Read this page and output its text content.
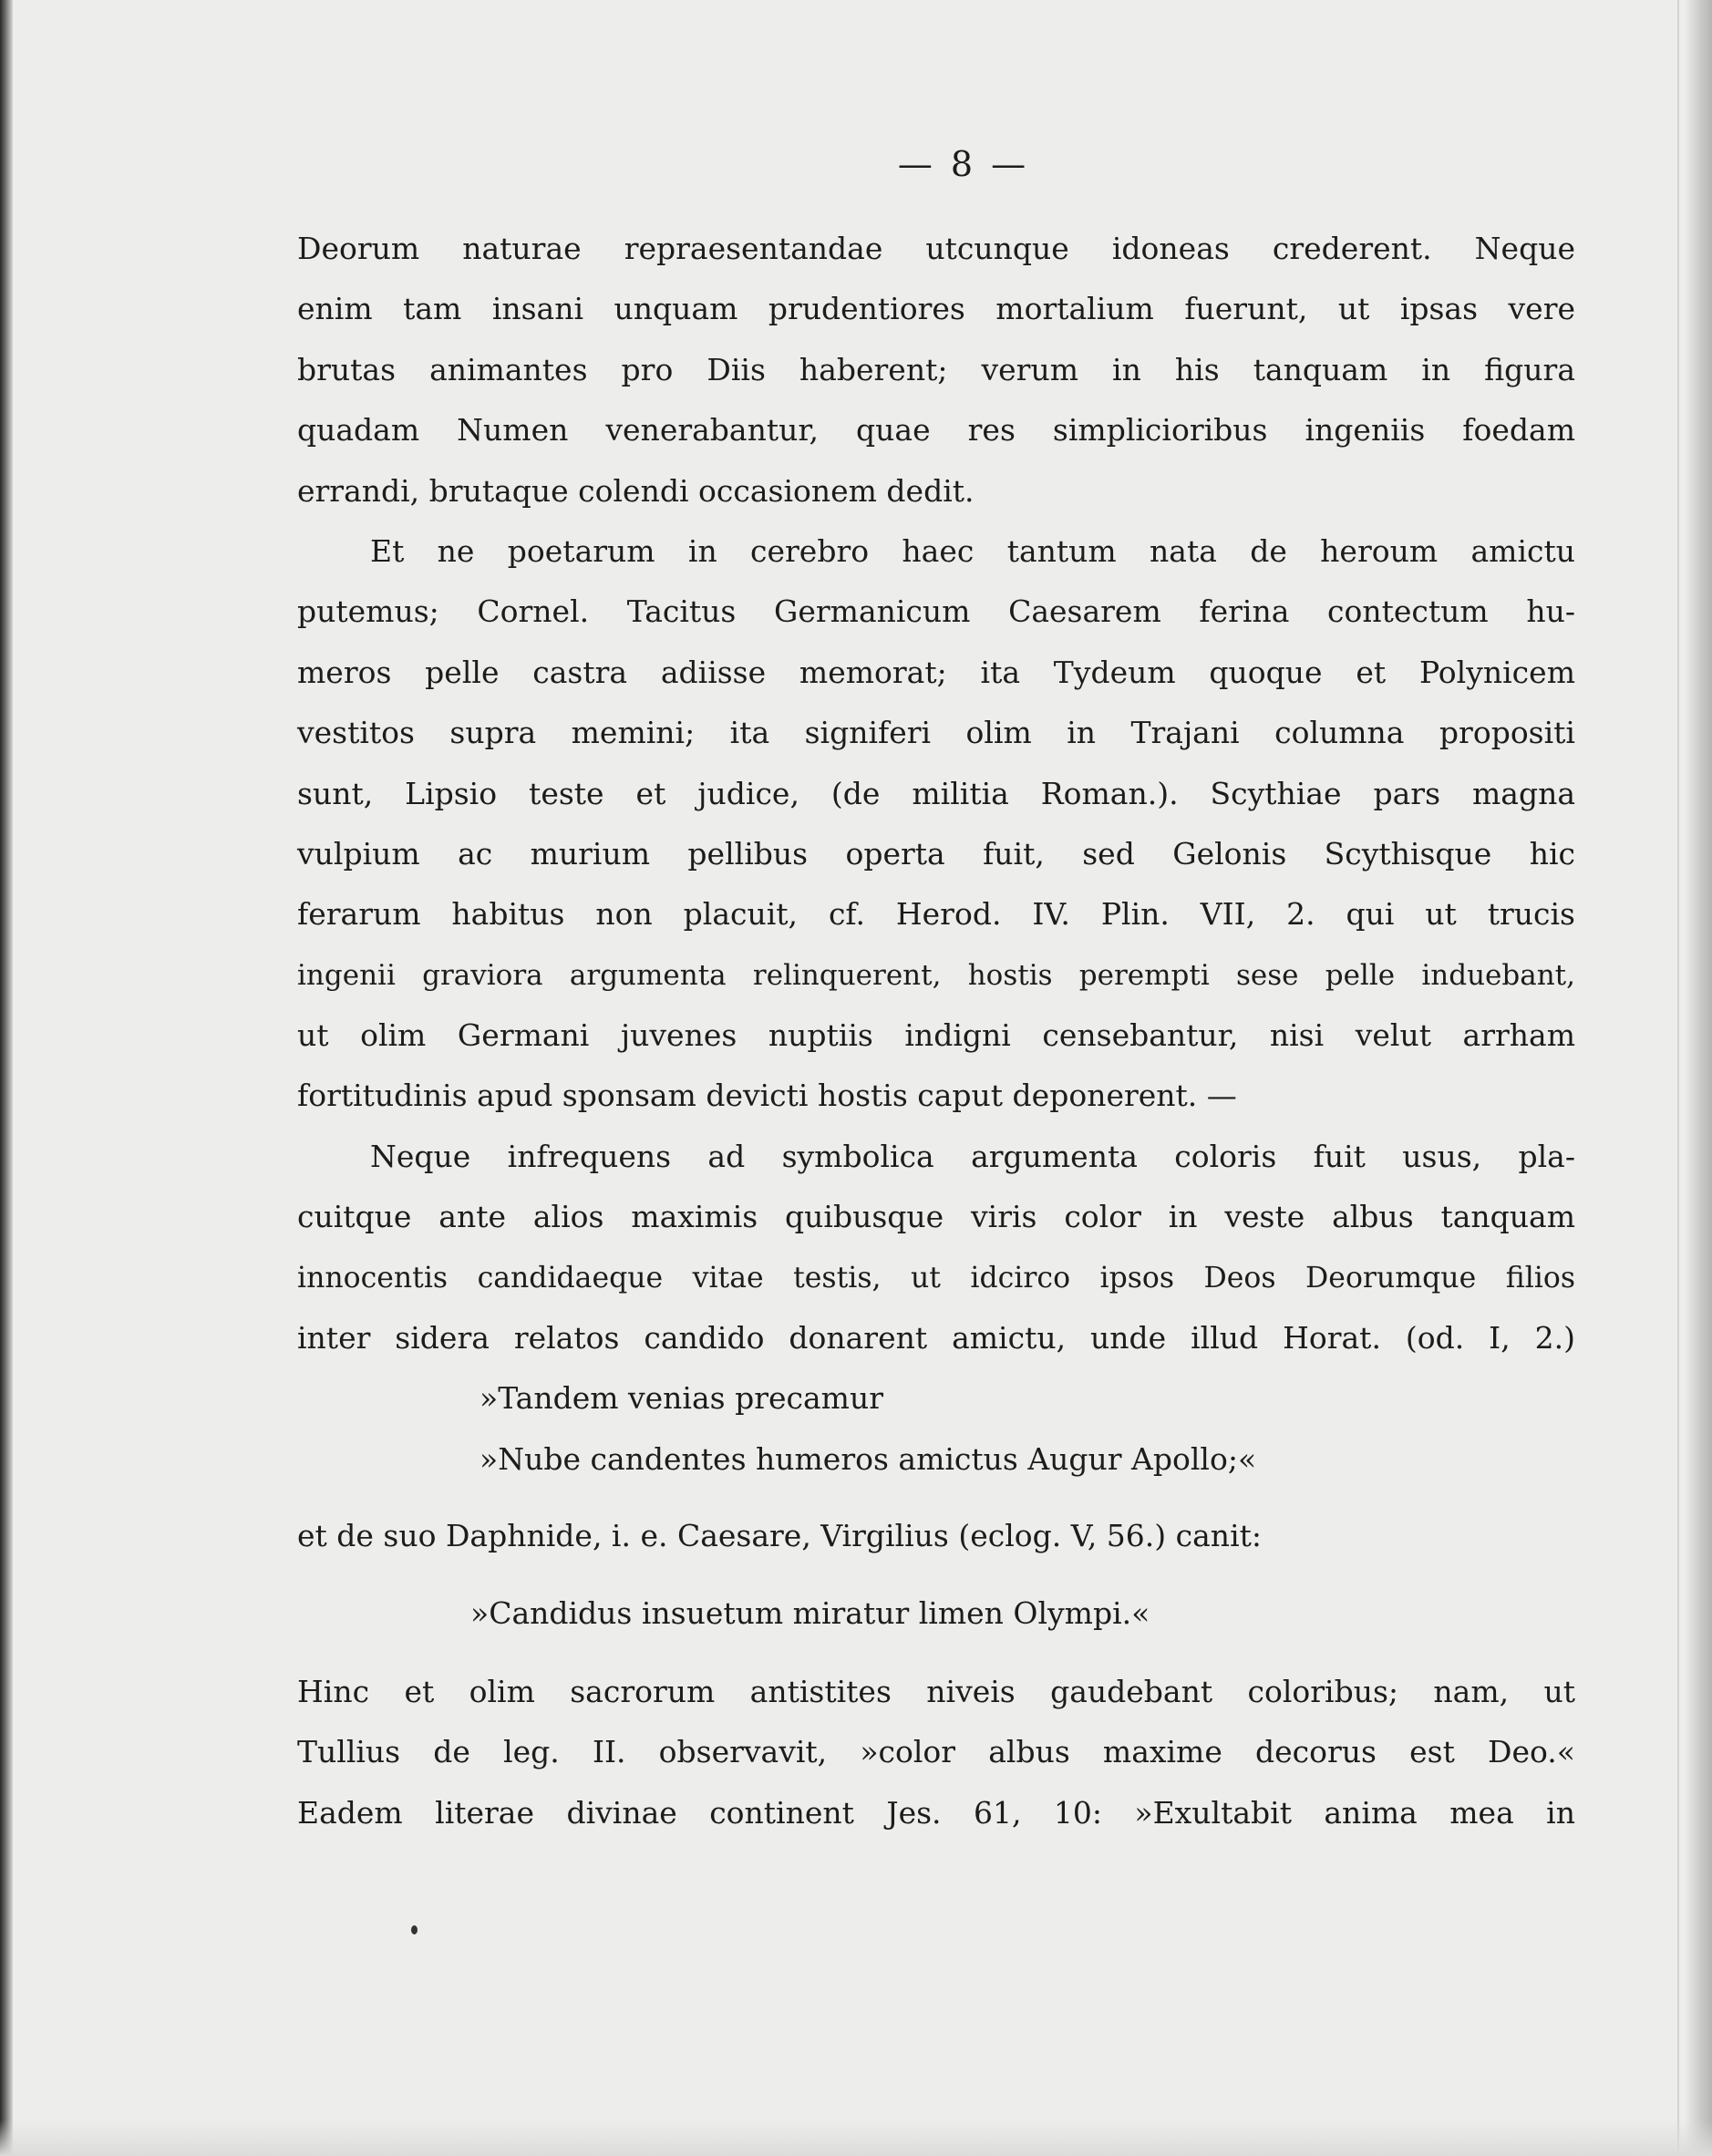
— 8 —
Deorum naturae repraesentandae utcunque idoneas crederent. Neque
enim tam insani unquam prudentiores mortalium fuerunt, ut ipsas vere
brutas animantes pro Diis haberent; verum in his tanquam in figura
quadam Numen venerabantur, quae res simplicioribus ingeniis foedam
errandi, brutaque colendi occasionem dedit.
Et ne poetarum in cerebro haec tantum nata de heroum amictu
putemus; Cornel. Tacitus Germanicum Caesarem ferina contectum hu-
meros pelle castra adiisse memorat; ita Tydeum quoque et Polynicem
vestitos supra memini; ita signiferi olim in Trajani columna propositi
sunt, Lipsio teste et judice, (de militia Roman.). Scythiae pars magna
vulpium ac murium pellibus operta fuit, sed Gelonis Scythisque hic
ferarum habitus non placuit, cf. Herod. IV. Plin. VII, 2. qui ut trucis
ingenii graviora argumenta relinquerent, hostis perempti sese pelle induebant,
ut olim Germani juvenes nuptiis indigni censebantur, nisi velut arrham
fortitudinis apud sponsam devicti hostis caput deponerent. —
Neque infrequens ad symbolica argumenta coloris fuit usus, pla-
cuitque ante alios maximis quibusque viris color in veste albus tanquam
innocentis candidaeque vitae testis, ut idcirco ipsos Deos Deorumque filios
inter sidera relatos candido donarent amictu, unde illud Horat. (od. I, 2.)
»Tandem venias precamur
»Nube candentes humeros amictus Augur Apollo;«
et de suo Daphnide, i. e. Caesare, Virgilius (eclog. V, 56.) canit:
»Candidus insuetum miratur limen Olympi.«
Hinc et olim sacrorum antistites niveis gaudebant coloribus; nam, ut
Tullius de leg. II. observavit, »color albus maxime decorus est Deo.«
Eadem literae divinae continent Jes. 61, 10: »Exultabit anima mea in
